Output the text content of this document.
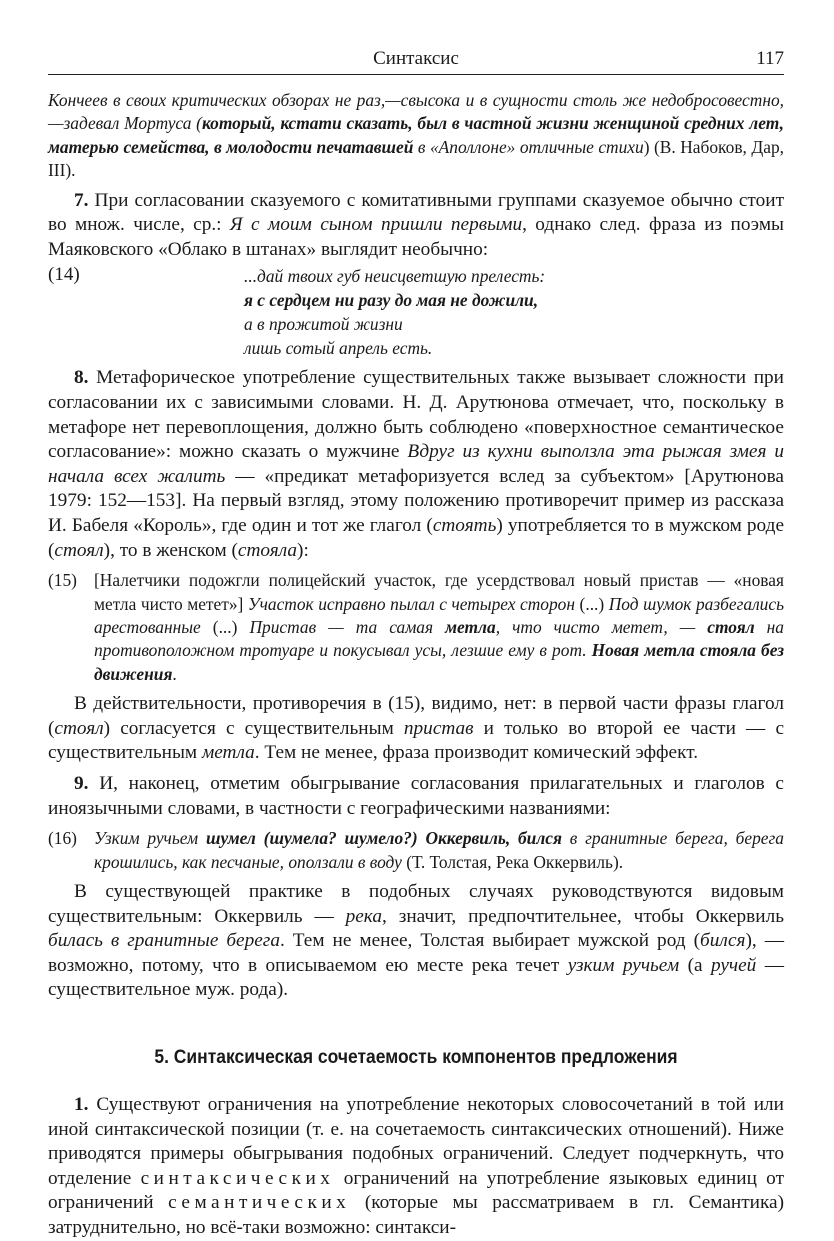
Синтаксис	117

Кончеев в своих критических обзорах не раз,—свысока и в сущности столь же недобросовестно,—задевал Мортуса (который, кстати сказать, был в частной жизни женщиной средних лет, матерью семейства, в молодости печатавшей в «Аполлоне» отличные стихи) (В. Набоков, Дар, III).

7. При согласовании сказуемого с комитативными группами сказуемое обычно стоит во множ. числе, ср.: Я с моим сыном пришли первыми, однако след. фраза из поэмы Маяковского «Облако в штанах» выглядит необычно:

(14)	...дай твоих губ неисцветшую прелесть:
я с сердцем ни разу до мая не дожили,
а в прожитой жизни
лишь сотый апрель есть.

8. Метафорическое употребление существительных также вызывает сложности при согласовании их с зависимыми словами. Н. Д. Арутюнова отмечает, что, поскольку в метафоре нет перевоплощения, должно быть соблюдено «поверхностное семантическое согласование»: можно сказать о мужчине Вдруг из кухни выползла эта рыжая змея и начала всех жалить — «предикат метафоризуется вслед за субъектом» [Арутюнова 1979: 152—153]. На первый взгляд, этому положению противоречит пример из рассказа И. Бабеля «Король», где один и тот же глагол (стоять) употребляется то в мужском роде (стоял), то в женском (стояла):

(15) [Налетчики подожгли полицейский участок, где усердствовал новый пристав — «новая метла чисто метет»] Участок исправно пылал с четырех сторон (...) Под шумок разбегались арестованные (...) Пристав — та самая метла, что чисто метет, — стоял на противоположном тротуаре и покусывал усы, лезшие ему в рот. Новая метла стояла без движения.

В действительности, противоречия в (15), видимо, нет: в первой части фразы глагол (стоял) согласуется с существительным пристав и только во второй ее части — с существительным метла. Тем не менее, фраза производит комический эффект.

9. И, наконец, отметим обыгрывание согласования прилагательных и глаголов с иноязычными словами, в частности с географическими названиями:

(16) Узким ручьем шумел (шумела? шумело?) Оккервиль, бился в гранитные берега, берега крошились, как песчаные, оползали в воду (Т. Толстая, Река Оккервиль).

В существующей практике в подобных случаях руководствуются видовым существительным: Оккервиль — река, значит, предпочтительнее, чтобы Оккервиль билась в гранитные берега. Тем не менее, Толстая выбирает мужской род (бился), — возможно, потому, что в описываемом ею месте река течет узким ручьем (а ручей — существительное муж. рода).

5. Синтаксическая сочетаемость компонентов предложения

1. Существуют ограничения на употребление некоторых словосочетаний в той или иной синтаксической позиции (т. е. на сочетаемость синтаксических отношений). Ниже приводятся примеры обыгрывания подобных ограничений. Следует подчеркнуть, что отделение синтаксических ограничений на употребление языковых единиц от ограничений семантических (которые мы рассматриваем в гл. Семантика) затруднительно, но всё-таки возможно: синтакси-
